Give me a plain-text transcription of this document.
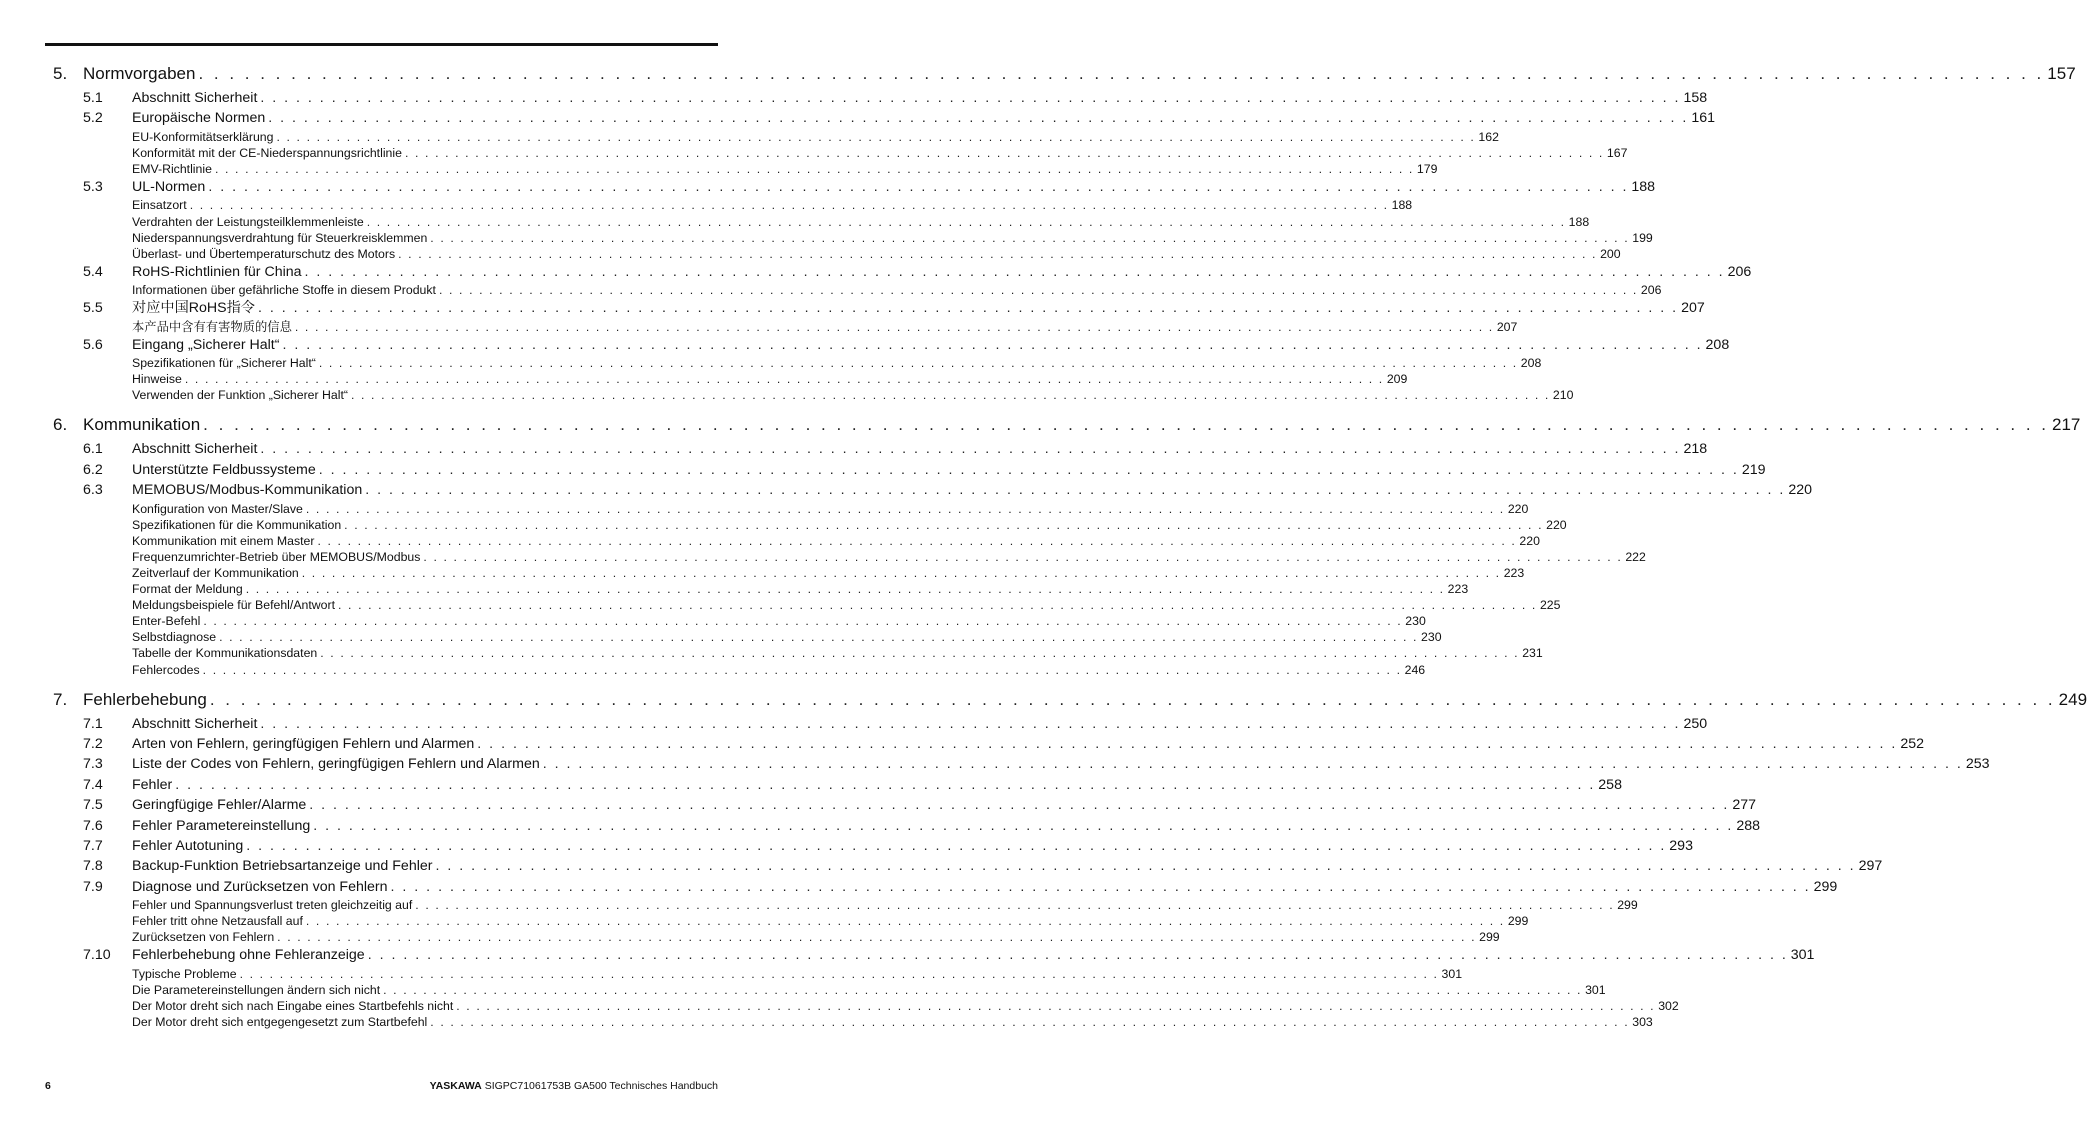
5. Normvorgaben . . . . . . . . . . . . . . . . . . . . . . . . . . . . . . . . . . . . . . . . . . . . . . . . . . . . . . . . . . . . . . . . . . . . . . . . . . . . . . . . . . . . . . . . . . . . . . . . . . . . . . . . . . . . . . . . . . . . . . . . 157
5.1	Abschnitt Sicherheit . . . . . . . . . . . . . . . . . . . . . . . . . . . . . . . . . . . . . . . . . . . . . . . . . . . . . . . . . . . . . . . . . . . . . . . . . . . . . . . . . . . . . . . . . . . . . . . . . . . . . . . . . . . . . . . . . . . . . . . . 158
5.2	Europäische Normen . . . . . . . . . . . . . . . . . . . . . . . . . . . . . . . . . . . . . . . . . . . . . . . . . . . . . . . . . . . . . . . . . . . . . . . . . . . . . . . . . . . . . . . . . . . . . . . . . . . . . . . . . . . . . . . . . . . . . . . . 161
EU-Konformitätserklärung . . . . . . . . . . . . . . . . . . . . . . . . . . . . . . . . . . . . . . . . . . . . . . . . . . . . . . . . . . . . . . . . . . . . . . . . . . . . . . . . . . . . . . . . . . . . . . . . . . . . . . . . . . . . . . . . . . . . . . . . 162
Konformität mit der CE-Niederspannungsrichtlinie . . . . . . . . . . . . . . . . . . . . . . . . . . . . . . . . . . . . . . . . . . . . . . . . . . . . . . . . . . . . . . . . . . . . . . . . . . . . . . . . . . . . . . . . . . . . . . . . . . . . . . . . . . . . . . . . . . . . . . . . 167
EMV-Richtlinie . . . . . . . . . . . . . . . . . . . . . . . . . . . . . . . . . . . . . . . . . . . . . . . . . . . . . . . . . . . . . . . . . . . . . . . . . . . . . . . . . . . . . . . . . . . . . . . . . . . . . . . . . . . . . . . . . . . . . . . . 179
5.3	UL-Normen . . . . . . . . . . . . . . . . . . . . . . . . . . . . . . . . . . . . . . . . . . . . . . . . . . . . . . . . . . . . . . . . . . . . . . . . . . . . . . . . . . . . . . . . . . . . . . . . . . . . . . . . . . . . . . . . . . . . . . . . 188
Einsatzort . . . . . . . . . . . . . . . . . . . . . . . . . . . . . . . . . . . . . . . . . . . . . . . . . . . . . . . . . . . . . . . . . . . . . . . . . . . . . . . . . . . . . . . . . . . . . . . . . . . . . . . . . . . . . . . . . . . . . . . . 188
Verdrahten der Leistungsteilklemmenleiste . . . . . . . . . . . . . . . . . . . . . . . . . . . . . . . . . . . . . . . . . . . . . . . . . . . . . . . . . . . . . . . . . . . . . . . . . . . . . . . . . . . . . . . . . . . . . . . . . . . . . . . . . . . . . . . . . . . . . . . . 188
Niederspannungsverdrahtung für Steuerkreisklemmen . . . . . . . . . . . . . . . . . . . . . . . . . . . . . . . . . . . . . . . . . . . . . . . . . . . . . . . . . . . . . . . . . . . . . . . . . . . . . . . . . . . . . . . . . . . . . . . . . . . . . . . . . . . . . . . . . . . . . . . . 199
Überlast- und Übertemperaturschutz des Motors . . . . . . . . . . . . . . . . . . . . . . . . . . . . . . . . . . . . . . . . . . . . . . . . . . . . . . . . . . . . . . . . . . . . . . . . . . . . . . . . . . . . . . . . . . . . . . . . . . . . . . . . . . . . . . . . . . . . . . . . 200
5.4	RoHS-Richtlinien für China . . . . . . . . . . . . . . . . . . . . . . . . . . . . . . . . . . . . . . . . . . . . . . . . . . . . . . . . . . . . . . . . . . . . . . . . . . . . . . . . . . . . . . . . . . . . . . . . . . . . . . . . . . . . . . . . . . . . . . . . 206
Informationen über gefährliche Stoffe in diesem Produkt . . . . . . . . . . . . . . . . . . . . . . . . . . . . . . . . . . . . . . . . . . . . . . . . . . . . . . . . . . . . . . . . . . . . . . . . . . . . . . . . . . . . . . . . . . . . . . . . . . . . . . . . . . . . . . . . . . . . . . . . 206
5.5	对应中国RoHS指令 . . . . . . . . . . . . . . . . . . . . . . . . . . . . . . . . . . . . . . . . . . . . . . . . . . . . . . . . . . . . . . . . . . . . . . . . . . . . . . . . . . . . . . . . . . . . . . . . . . . . . . . . . . . . . . . . . . . . . . . . 207
本产品中含有有害物质的信息 . . . . . . . . . . . . . . . . . . . . . . . . . . . . . . . . . . . . . . . . . . . . . . . . . . . . . . . . . . . . . . . . . . . . . . . . . . . . . . . . . . . . . . . . . . . . . . . . . . . . . . . . . . . . . . . . . . . . . . . . 207
5.6	Eingang „Sicherer Halt“ . . . . . . . . . . . . . . . . . . . . . . . . . . . . . . . . . . . . . . . . . . . . . . . . . . . . . . . . . . . . . . . . . . . . . . . . . . . . . . . . . . . . . . . . . . . . . . . . . . . . . . . . . . . . . . . . . . . . . . . . 208
Spezifikationen für „Sicherer Halt“ . . . . . . . . . . . . . . . . . . . . . . . . . . . . . . . . . . . . . . . . . . . . . . . . . . . . . . . . . . . . . . . . . . . . . . . . . . . . . . . . . . . . . . . . . . . . . . . . . . . . . . . . . . . . . . . . . . . . . . . . 208
Hinweise . . . . . . . . . . . . . . . . . . . . . . . . . . . . . . . . . . . . . . . . . . . . . . . . . . . . . . . . . . . . . . . . . . . . . . . . . . . . . . . . . . . . . . . . . . . . . . . . . . . . . . . . . . . . . . . . . . . . . . . . 209
Verwenden der Funktion „Sicherer Halt“ . . . . . . . . . . . . . . . . . . . . . . . . . . . . . . . . . . . . . . . . . . . . . . . . . . . . . . . . . . . . . . . . . . . . . . . . . . . . . . . . . . . . . . . . . . . . . . . . . . . . . . . . . . . . . . . . . . . . . . . . 210
6. Kommunikation . . . . . . . . . . . . . . . . . . . . . . . . . . . . . . . . . . . . . . . . . . . . . . . . . . . . . . . . . . . . . . . . . . . . . . . . . . . . . . . . . . . . . . . . . . . . . . . . . . . . . . . . . . . . . . . . . . . . . . . . 217
6.1	Abschnitt Sicherheit . . . . . . . . . . . . . . . . . . . . . . . . . . . . . . . . . . . . . . . . . . . . . . . . . . . . . . . . . . . . . . . . . . . . . . . . . . . . . . . . . . . . . . . . . . . . . . . . . . . . . . . . . . . . . . . . . . . . . . . . 218
6.2	Unterstützte Feldbussysteme . . . . . . . . . . . . . . . . . . . . . . . . . . . . . . . . . . . . . . . . . . . . . . . . . . . . . . . . . . . . . . . . . . . . . . . . . . . . . . . . . . . . . . . . . . . . . . . . . . . . . . . . . . . . . . . . . . . . . . . . 219
6.3	MEMOBUS/Modbus-Kommunikation . . . . . . . . . . . . . . . . . . . . . . . . . . . . . . . . . . . . . . . . . . . . . . . . . . . . . . . . . . . . . . . . . . . . . . . . . . . . . . . . . . . . . . . . . . . . . . . . . . . . . . . . . . . . . . . . . . . . . . . . 220
Konfiguration von Master/Slave . . . . . . . . . . . . . . . . . . . . . . . . . . . . . . . . . . . . . . . . . . . . . . . . . . . . . . . . . . . . . . . . . . . . . . . . . . . . . . . . . . . . . . . . . . . . . . . . . . . . . . . . . . . . . . . . . . . . . . . . 220
Spezifikationen für die Kommunikation . . . . . . . . . . . . . . . . . . . . . . . . . . . . . . . . . . . . . . . . . . . . . . . . . . . . . . . . . . . . . . . . . . . . . . . . . . . . . . . . . . . . . . . . . . . . . . . . . . . . . . . . . . . . . . . . . . . . . . . . 220
Kommunikation mit einem Master . . . . . . . . . . . . . . . . . . . . . . . . . . . . . . . . . . . . . . . . . . . . . . . . . . . . . . . . . . . . . . . . . . . . . . . . . . . . . . . . . . . . . . . . . . . . . . . . . . . . . . . . . . . . . . . . . . . . . . . . 220
Frequenzumrichter-Betrieb über MEMOBUS/Modbus . . . . . . . . . . . . . . . . . . . . . . . . . . . . . . . . . . . . . . . . . . . . . . . . . . . . . . . . . . . . . . . . . . . . . . . . . . . . . . . . . . . . . . . . . . . . . . . . . . . . . . . . . . . . . . . . . . . . . . . . 222
Zeitverlauf der Kommunikation . . . . . . . . . . . . . . . . . . . . . . . . . . . . . . . . . . . . . . . . . . . . . . . . . . . . . . . . . . . . . . . . . . . . . . . . . . . . . . . . . . . . . . . . . . . . . . . . . . . . . . . . . . . . . . . . . . . . . . . . 223
Format der Meldung . . . . . . . . . . . . . . . . . . . . . . . . . . . . . . . . . . . . . . . . . . . . . . . . . . . . . . . . . . . . . . . . . . . . . . . . . . . . . . . . . . . . . . . . . . . . . . . . . . . . . . . . . . . . . . . . . . . . . . . . 223
Meldungsbeispiele für Befehl/Antwort . . . . . . . . . . . . . . . . . . . . . . . . . . . . . . . . . . . . . . . . . . . . . . . . . . . . . . . . . . . . . . . . . . . . . . . . . . . . . . . . . . . . . . . . . . . . . . . . . . . . . . . . . . . . . . . . . . . . . . . . 225
Enter-Befehl . . . . . . . . . . . . . . . . . . . . . . . . . . . . . . . . . . . . . . . . . . . . . . . . . . . . . . . . . . . . . . . . . . . . . . . . . . . . . . . . . . . . . . . . . . . . . . . . . . . . . . . . . . . . . . . . . . . . . . . . 230
Selbstdiagnose . . . . . . . . . . . . . . . . . . . . . . . . . . . . . . . . . . . . . . . . . . . . . . . . . . . . . . . . . . . . . . . . . . . . . . . . . . . . . . . . . . . . . . . . . . . . . . . . . . . . . . . . . . . . . . . . . . . . . . . . 230
Tabelle der Kommunikationsdaten . . . . . . . . . . . . . . . . . . . . . . . . . . . . . . . . . . . . . . . . . . . . . . . . . . . . . . . . . . . . . . . . . . . . . . . . . . . . . . . . . . . . . . . . . . . . . . . . . . . . . . . . . . . . . . . . . . . . . . . . 231
Fehlercodes . . . . . . . . . . . . . . . . . . . . . . . . . . . . . . . . . . . . . . . . . . . . . . . . . . . . . . . . . . . . . . . . . . . . . . . . . . . . . . . . . . . . . . . . . . . . . . . . . . . . . . . . . . . . . . . . . . . . . . . . 246
7. Fehlerbehebung . . . . . . . . . . . . . . . . . . . . . . . . . . . . . . . . . . . . . . . . . . . . . . . . . . . . . . . . . . . . . . . . . . . . . . . . . . . . . . . . . . . . . . . . . . . . . . . . . . . . . . . . . . . . . . . . . . . . . . . . 249
7.1	Abschnitt Sicherheit . . . . . . . . . . . . . . . . . . . . . . . . . . . . . . . . . . . . . . . . . . . . . . . . . . . . . . . . . . . . . . . . . . . . . . . . . . . . . . . . . . . . . . . . . . . . . . . . . . . . . . . . . . . . . . . . . . . . . . . . 250
7.2	Arten von Fehlern, geringfügigen Fehlern und Alarmen . . . . . . . . . . . . . . . . . . . . . . . . . . . . . . . . . . . . . . . . . . . . . . . . . . . . . . . . . . . . . . . . . . . . . . . . . . . . . . . . . . . . . . . . . . . . . . . . . . . . . . . . . . . . . . . . . . . . . . . . 252
7.3	Liste der Codes von Fehlern, geringfügigen Fehlern und Alarmen . . . . . . . . . . . . . . . . . . . . . . . . . . . . . . . . . . . . . . . . . . . . . . . . . . . . . . . . . . . . . . . . . . . . . . . . . . . . . . . . . . . . . . . . . . . . . . . . . . . . . . . . . . . . . . . . . . . . . . . . 253
7.4	Fehler . . . . . . . . . . . . . . . . . . . . . . . . . . . . . . . . . . . . . . . . . . . . . . . . . . . . . . . . . . . . . . . . . . . . . . . . . . . . . . . . . . . . . . . . . . . . . . . . . . . . . . . . . . . . . . . . . . . . . . . . 258
7.5	Geringfügige Fehler/Alarme . . . . . . . . . . . . . . . . . . . . . . . . . . . . . . . . . . . . . . . . . . . . . . . . . . . . . . . . . . . . . . . . . . . . . . . . . . . . . . . . . . . . . . . . . . . . . . . . . . . . . . . . . . . . . . . . . . . . . . . . 277
7.6	Fehler Parametereinstellung . . . . . . . . . . . . . . . . . . . . . . . . . . . . . . . . . . . . . . . . . . . . . . . . . . . . . . . . . . . . . . . . . . . . . . . . . . . . . . . . . . . . . . . . . . . . . . . . . . . . . . . . . . . . . . . . . . . . . . . . 288
7.7	Fehler Autotuning . . . . . . . . . . . . . . . . . . . . . . . . . . . . . . . . . . . . . . . . . . . . . . . . . . . . . . . . . . . . . . . . . . . . . . . . . . . . . . . . . . . . . . . . . . . . . . . . . . . . . . . . . . . . . . . . . . . . . . . . 293
7.8	Backup-Funktion Betriebsartanzeige und Fehler . . . . . . . . . . . . . . . . . . . . . . . . . . . . . . . . . . . . . . . . . . . . . . . . . . . . . . . . . . . . . . . . . . . . . . . . . . . . . . . . . . . . . . . . . . . . . . . . . . . . . . . . . . . . . . . . . . . . . . . . 297
7.9	Diagnose und Zurücksetzen von Fehlern . . . . . . . . . . . . . . . . . . . . . . . . . . . . . . . . . . . . . . . . . . . . . . . . . . . . . . . . . . . . . . . . . . . . . . . . . . . . . . . . . . . . . . . . . . . . . . . . . . . . . . . . . . . . . . . . . . . . . . . . 299
Fehler und Spannungsverlust treten gleichzeitig auf . . . . . . . . . . . . . . . . . . . . . . . . . . . . . . . . . . . . . . . . . . . . . . . . . . . . . . . . . . . . . . . . . . . . . . . . . . . . . . . . . . . . . . . . . . . . . . . . . . . . . . . . . . . . . . . . . . . . . . . . 299
Fehler tritt ohne Netzausfall auf . . . . . . . . . . . . . . . . . . . . . . . . . . . . . . . . . . . . . . . . . . . . . . . . . . . . . . . . . . . . . . . . . . . . . . . . . . . . . . . . . . . . . . . . . . . . . . . . . . . . . . . . . . . . . . . . . . . . . . . . 299
Zurücksetzen von Fehlern . . . . . . . . . . . . . . . . . . . . . . . . . . . . . . . . . . . . . . . . . . . . . . . . . . . . . . . . . . . . . . . . . . . . . . . . . . . . . . . . . . . . . . . . . . . . . . . . . . . . . . . . . . . . . . . . . . . . . . . . 299
7.10	Fehlerbehebung ohne Fehleranzeige . . . . . . . . . . . . . . . . . . . . . . . . . . . . . . . . . . . . . . . . . . . . . . . . . . . . . . . . . . . . . . . . . . . . . . . . . . . . . . . . . . . . . . . . . . . . . . . . . . . . . . . . . . . . . . . . . . . . . . . . 301
Typische Probleme . . . . . . . . . . . . . . . . . . . . . . . . . . . . . . . . . . . . . . . . . . . . . . . . . . . . . . . . . . . . . . . . . . . . . . . . . . . . . . . . . . . . . . . . . . . . . . . . . . . . . . . . . . . . . . . . . . . . . . . . 301
Die Parametereinstellungen ändern sich nicht . . . . . . . . . . . . . . . . . . . . . . . . . . . . . . . . . . . . . . . . . . . . . . . . . . . . . . . . . . . . . . . . . . . . . . . . . . . . . . . . . . . . . . . . . . . . . . . . . . . . . . . . . . . . . . . . . . . . . . . . 301
Der Motor dreht sich nach Eingabe eines Startbefehls nicht . . . . . . . . . . . . . . . . . . . . . . . . . . . . . . . . . . . . . . . . . . . . . . . . . . . . . . . . . . . . . . . . . . . . . . . . . . . . . . . . . . . . . . . . . . . . . . . . . . . . . . . . . . . . . . . . . . . . . . . . 302
Der Motor dreht sich entgegengesetzt zum Startbefehl . . . . . . . . . . . . . . . . . . . . . . . . . . . . . . . . . . . . . . . . . . . . . . . . . . . . . . . . . . . . . . . . . . . . . . . . . . . . . . . . . . . . . . . . . . . . . . . . . . . . . . . . . . . . . . . . . . . . . . . . 303
6	YASKAWA SIGPC71061753B GA500 Technisches Handbuch
